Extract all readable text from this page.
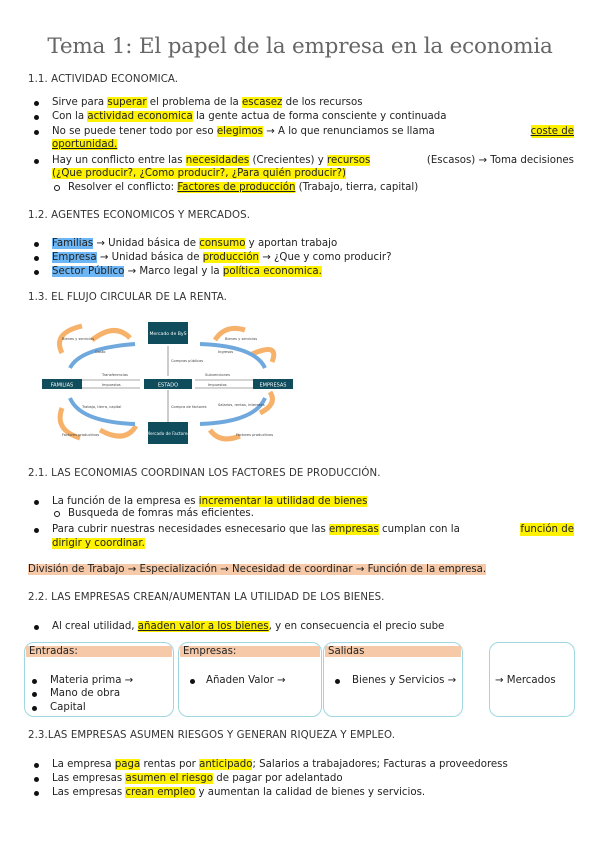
Tema 1: El papel de la empresa en la economia
1.1. ACTIVIDAD ECONOMICA.
Sirve para superar el problema de la escasez de los recursos
Con la actividad economica la gente actua de forma consciente y continuada
No se puede tener todo por eso elegimos → A lo que renunciamos se llama	coste de
oportunidad.
Hay un conflicto entre las necesidades (Crecientes) y recursos	(Escasos) → Toma decisiones
(¿Que producir?, ¿Como producir?, ¿Para quién producir?)
Resolver el conflicto: Factores de producción (Trabajo, tierra, capital)
1.2. AGENTES ECONOMICOS Y MERCADOS.
Familias → Unidad básica de consumo y aportan trabajo
Empresa → Unidad básica de producción → ¿Que y como producir?
Sector Público → Marco legal y la política economica.
1.3. EL FLUJO CIRCULAR DE LA RENTA.
FAMILIAS	ESTADO	EMPRESAS
Mercado de ByS
Mercado de Factores
Bienes y servicios
Gasto
Transferencias
Impuestos
Bienes y servicios
Ingresos
Subvenciones
Impuestos
Trabajo, tierra, capital
Factores productivos
Salarios, rentas, intereses
Factores productivos
Compras públicas
Compra de factores
2.1. LAS ECONOMIAS COORDINAN LOS FACTORES DE PRODUCCIÓN.
La función de la empresa es incrementar la utilidad de bienes
Busqueda de fomras más eficientes.
Para cubrir nuestras necesidades esnecesario que las empresas cumplan con la	función de
dirigir y coordinar.
División de Trabajo → Especialización → Necesidad de coordinar → Función de la empresa.
2.2. LAS EMPRESAS CREAN/AUMENTAN LA UTILIDAD DE LOS BIENES.
Al creal utilidad, añaden valor a los bienes, y en consecuencia el precio sube
Entradas:
Materia prima →
Mano de obra
Capital
Empresas:
Añaden Valor →
Salidas
Bienes y Servicios →	→ Mercados
2.3.LAS EMPRESAS ASUMEN RIESGOS Y GENERAN RIQUEZA Y EMPLEO.
La empresa paga rentas por anticipado; Salarios a trabajadores; Facturas a proveedoress
Las empresas asumen el riesgo de pagar por adelantado
Las empresas crean empleo y aumentan la calidad de bienes y servicios.
